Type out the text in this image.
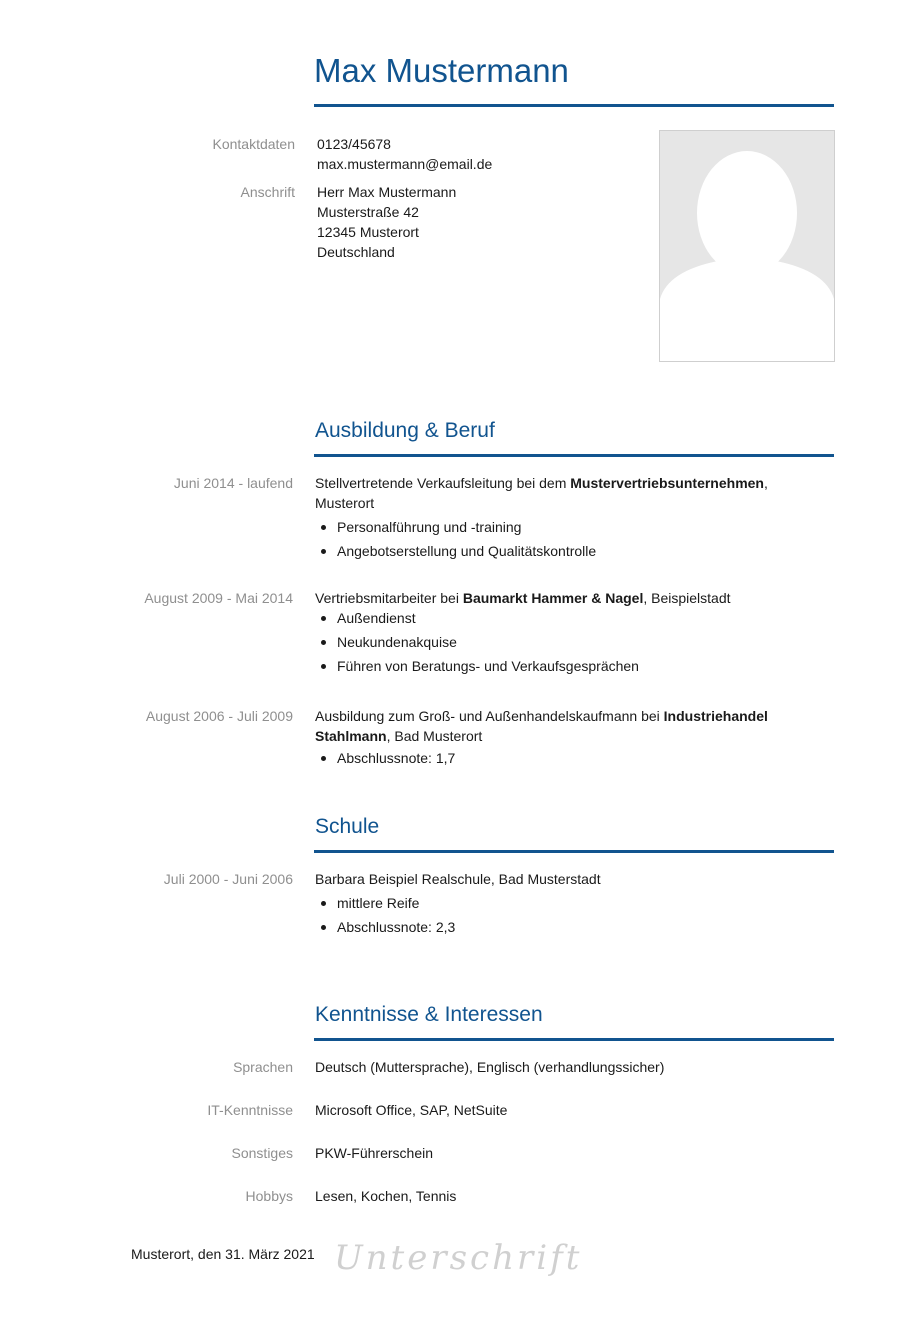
Max Mustermann
Kontaktdaten 0123/45678
max.mustermann@email.de
Anschrift Herr Max Mustermann
Musterstraße 42
12345 Musterort
Deutschland
Ausbildung & Beruf
Juni 2014 - laufend Stellvertretende Verkaufsleitung bei dem Mustervertriebsunternehmen,
Musterort
Personalführung und -training
Angebotserstellung und Qualitätskontrolle
August 2009 - Mai 2014 Vertriebsmitarbeiter bei Baumarkt Hammer & Nagel, Beispielstadt
Außendienst
Neukundenakquise
Führen von Beratungs- und Verkaufsgesprächen
August 2006 - Juli 2009 Ausbildung zum Groß- und Außenhandelskaufmann bei Industriehandel
Stahlmann, Bad Musterort
Abschlussnote: 1,7
Schule
Juli 2000 - Juni 2006 Barbara Beispiel Realschule, Bad Musterstadt
mittlere Reife
Abschlussnote: 2,3
Kenntnisse & Interessen
Sprachen Deutsch (Muttersprache), Englisch (verhandlungssicher)
IT-Kenntnisse Microsoft Office, SAP, NetSuite
Sonstiges PKW-Führerschein
Hobbys Lesen, Kochen, Tennis
Musterort, den 31. März 2021 Unterschrift
